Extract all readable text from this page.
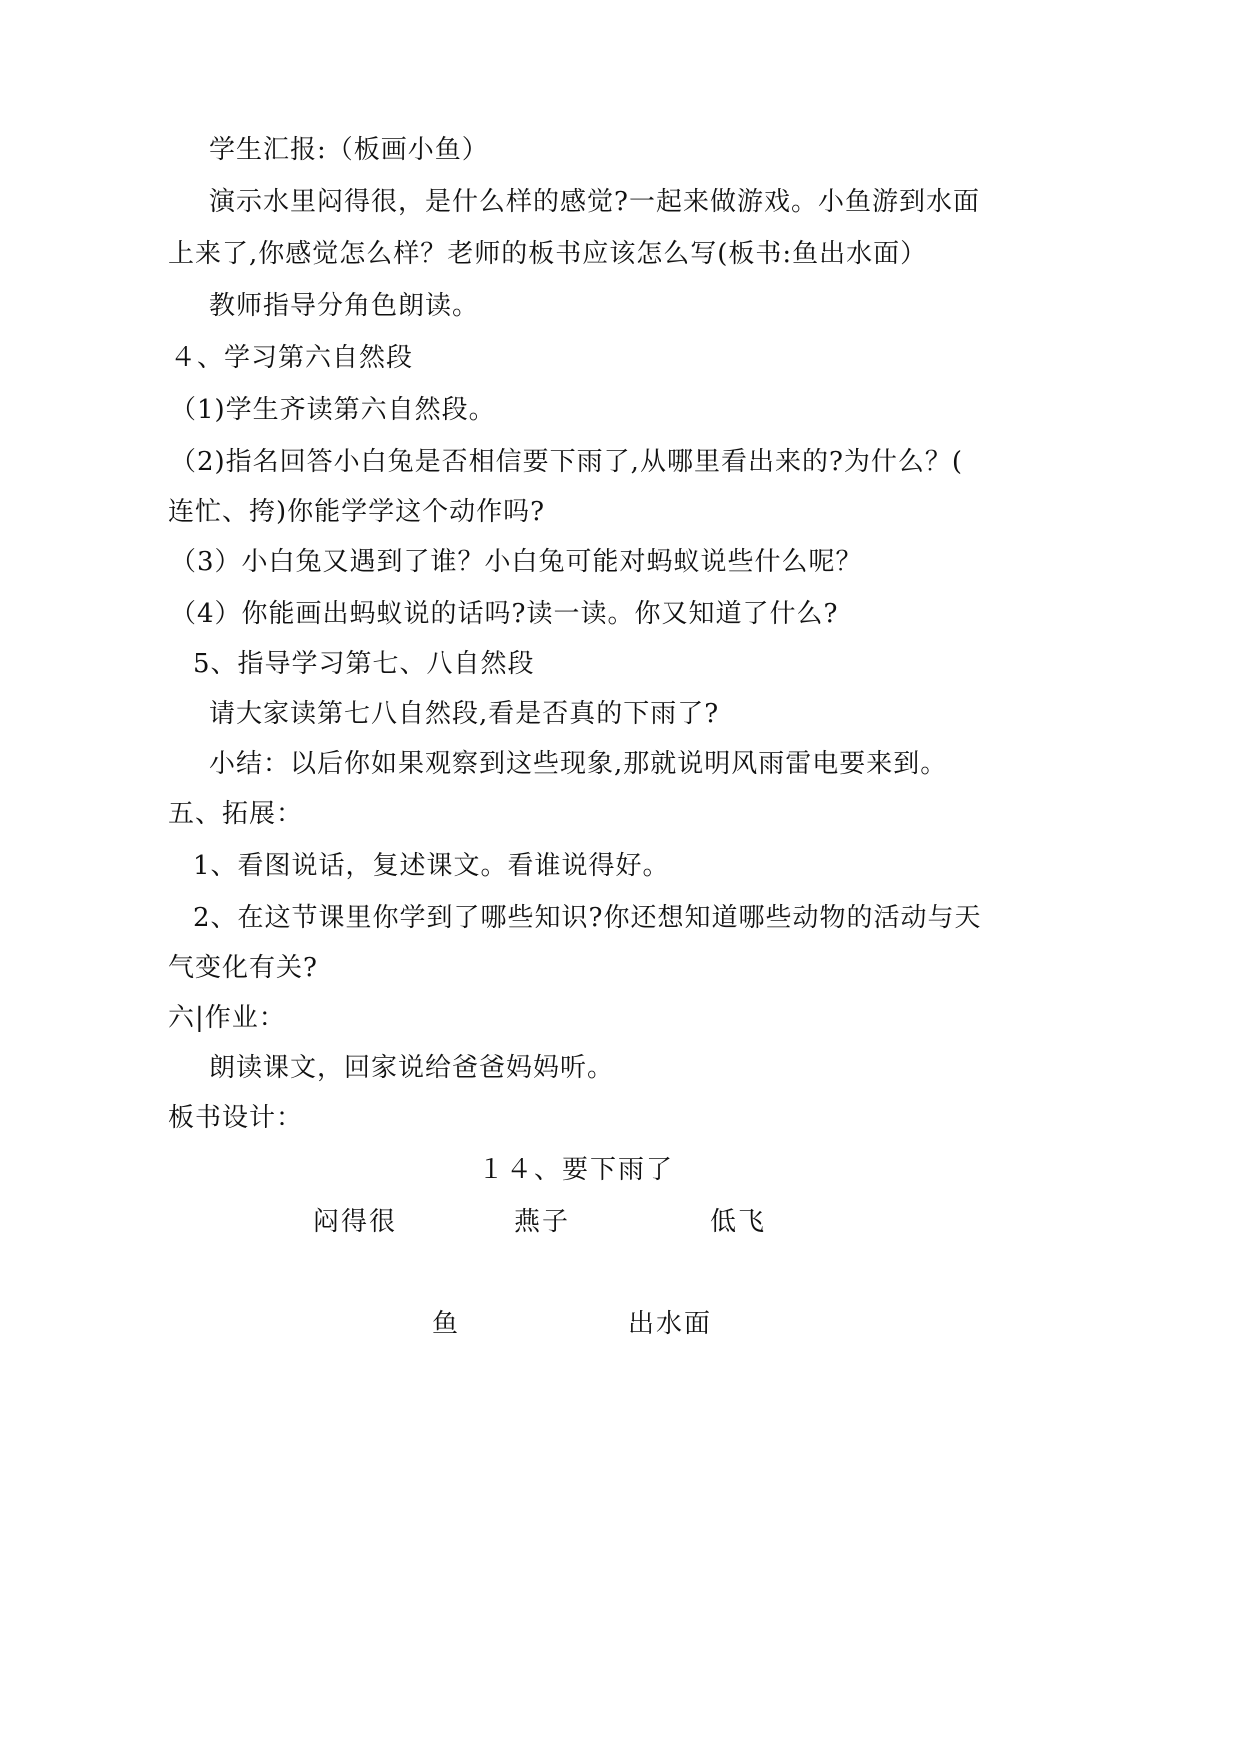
学生汇报:（板画小鱼）
演示水里闷得很，是什么样的感觉?一起来做游戏。小鱼游到水面
上来了,你感觉怎么样？老师的板书应该怎么写(板书:鱼出水面）
教师指导分角色朗读。
４、学习第六自然段
（1)学生齐读第六自然段。
（2)指名回答小白兔是否相信要下雨了,从哪里看出来的?为什么？(
连忙、挎)你能学学这个动作吗?
（3）小白兔又遇到了谁？小白兔可能对蚂蚁说些什么呢？
（4）你能画出蚂蚁说的话吗?读一读。你又知道了什么?
5、指导学习第七、八自然段
请大家读第七八自然段,看是否真的下雨了?
小结：以后你如果观察到这些现象,那就说明风雨雷电要来到。
五、拓展：
1、看图说话，复述课文。看谁说得好。
2、在这节课里你学到了哪些知识?你还想知道哪些动物的活动与天
气变化有关?
六|作业：
朗读课文，回家说给爸爸妈妈听。
板书设计：
１４、要下雨了
闷得很	燕子	低飞
鱼	出水面
